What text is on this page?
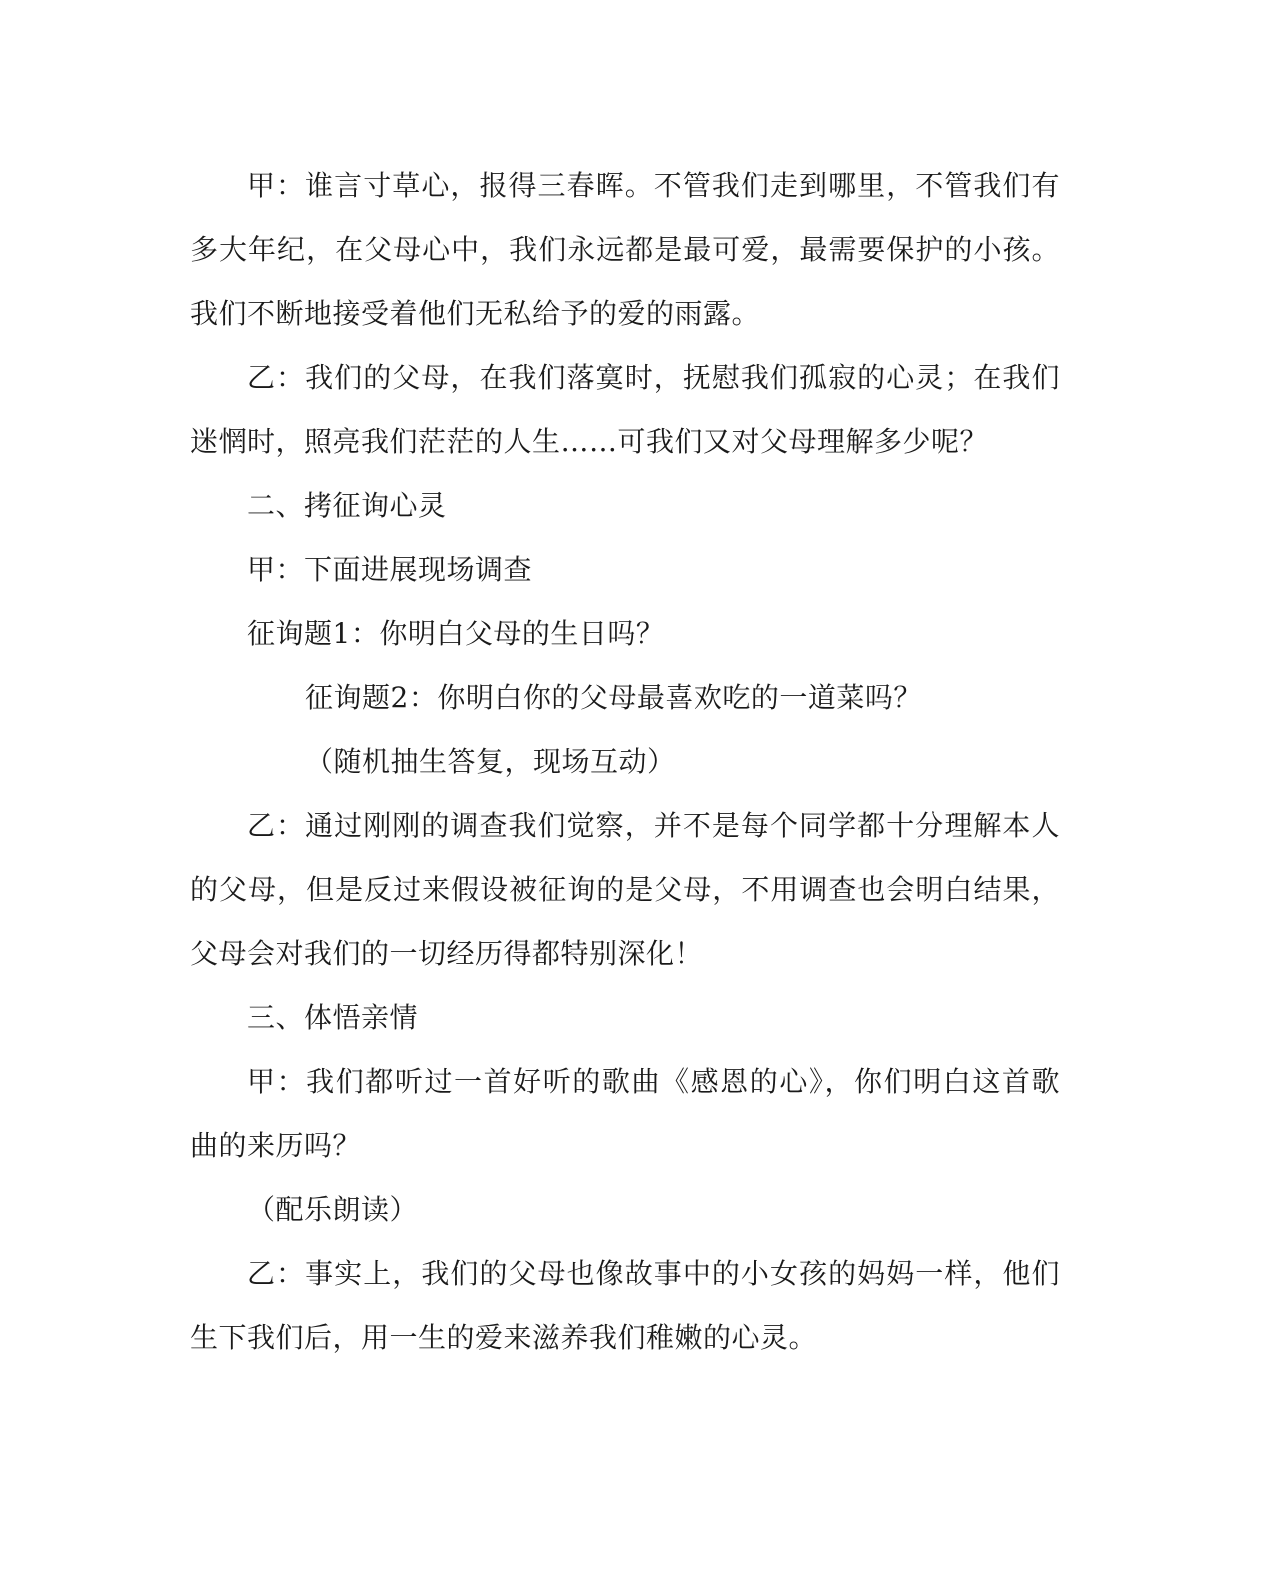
甲：谁言寸草心，报得三春晖。不管我们走到哪里，不管我们有
多大年纪，在父母心中，我们永远都是最可爱，最需要保护的小孩。
我们不断地接受着他们无私给予的爱的雨露。
乙：我们的父母，在我们落寞时，抚慰我们孤寂的心灵；在我们
迷惘时，照亮我们茫茫的人生……可我们又对父母理解多少呢？
二、拷征询心灵
甲：下面进展现场调查
征询题1：你明白父母的生日吗？
征询题2：你明白你的父母最喜欢吃的一道菜吗？
（随机抽生答复，现场互动）
乙：通过刚刚的调查我们觉察，并不是每个同学都十分理解本人
的父母，但是反过来假设被征询的是父母，不用调查也会明白结果，
父母会对我们的一切经历得都特别深化！
三、体悟亲情
甲：我们都听过一首好听的歌曲《感恩的心》，你们明白这首歌
曲的来历吗？
（配乐朗读）
乙：事实上，我们的父母也像故事中的小女孩的妈妈一样，他们
生下我们后，用一生的爱来滋养我们稚嫩的心灵。
